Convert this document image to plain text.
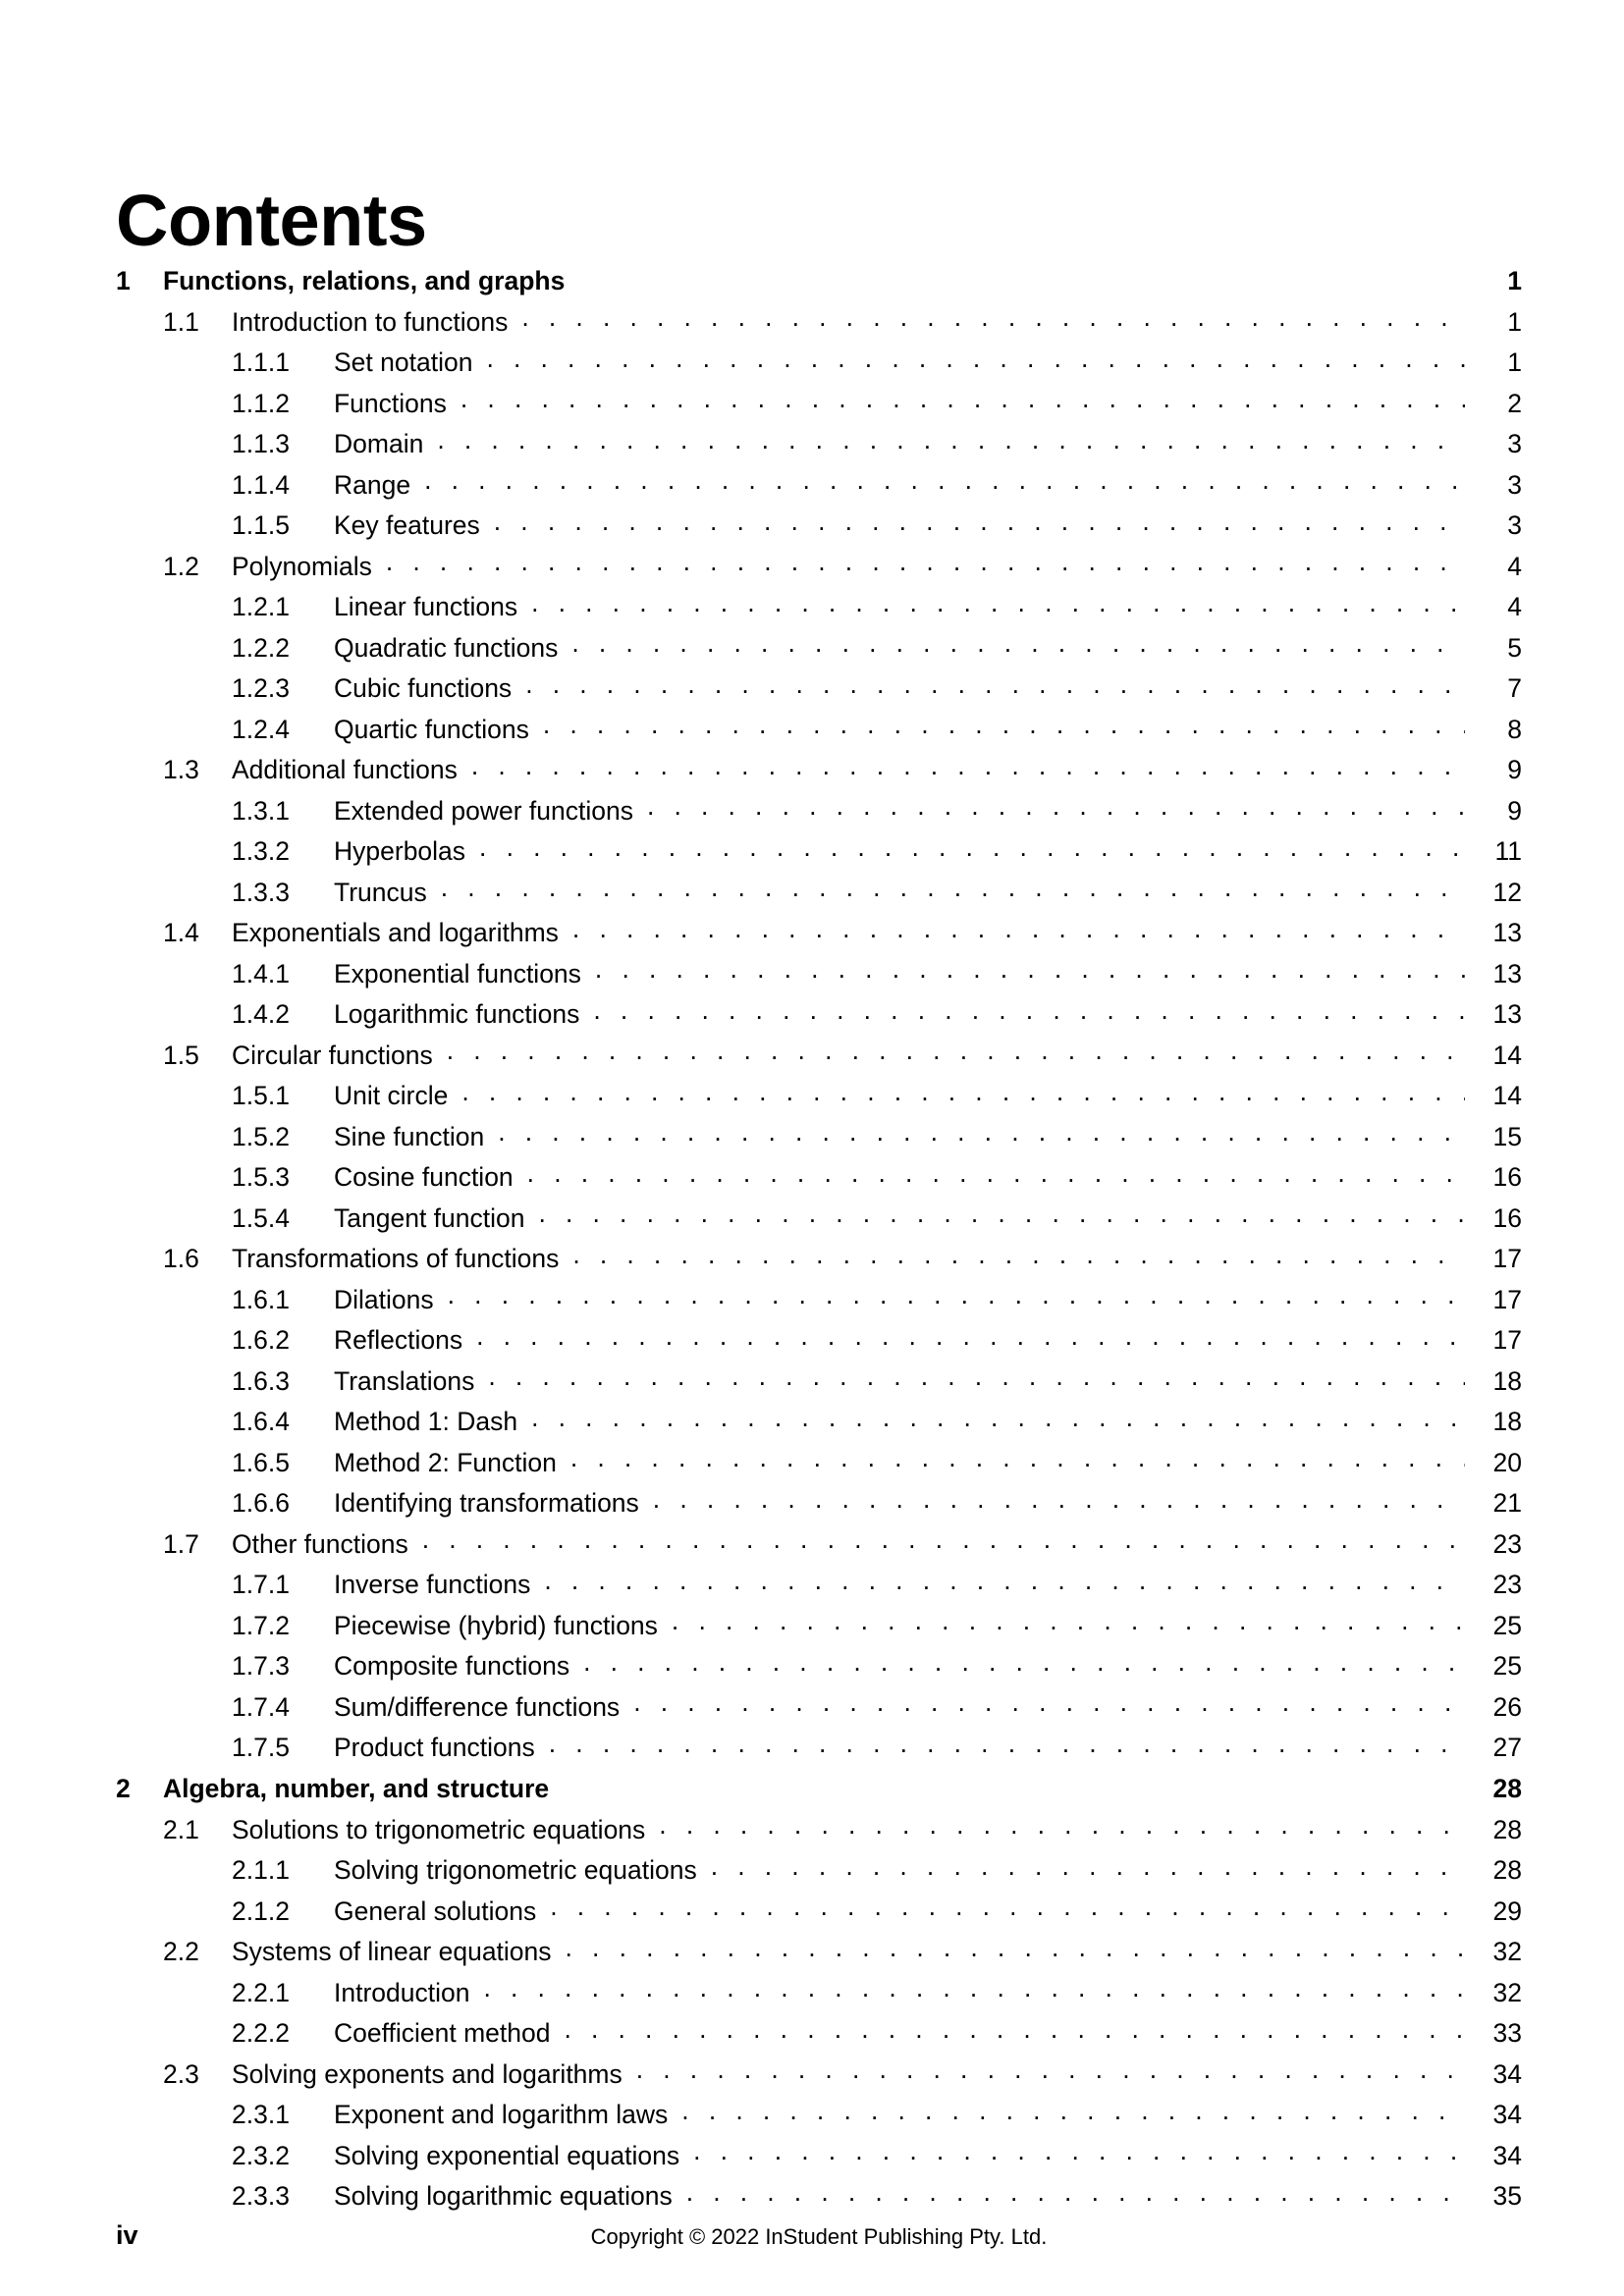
Contents
1	Functions, relations, and graphs	1
1.1	Introduction to functions . . .	1
1.1.1	Set notation . . .	1
1.1.2	Functions . . .	2
1.1.3	Domain . . .	3
1.1.4	Range . . .	3
1.1.5	Key features . . .	3
1.2	Polynomials . . .	4
1.2.1	Linear functions . . .	4
1.2.2	Quadratic functions . . .	5
1.2.3	Cubic functions . . .	7
1.2.4	Quartic functions . . .	8
1.3	Additional functions . . .	9
1.3.1	Extended power functions . . .	9
1.3.2	Hyperbolas . . .	11
1.3.3	Truncus . . .	12
1.4	Exponentials and logarithms . . .	13
1.4.1	Exponential functions . . .	13
1.4.2	Logarithmic functions . . .	13
1.5	Circular functions . . .	14
1.5.1	Unit circle . . .	14
1.5.2	Sine function . . .	15
1.5.3	Cosine function . . .	16
1.5.4	Tangent function . . .	16
1.6	Transformations of functions . . .	17
1.6.1	Dilations . . .	17
1.6.2	Reflections . . .	17
1.6.3	Translations . . .	18
1.6.4	Method 1: Dash . . .	18
1.6.5	Method 2: Function . . .	20
1.6.6	Identifying transformations . . .	21
1.7	Other functions . . .	23
1.7.1	Inverse functions . . .	23
1.7.2	Piecewise (hybrid) functions . . .	25
1.7.3	Composite functions . . .	25
1.7.4	Sum/difference functions . . .	26
1.7.5	Product functions . . .	27
2	Algebra, number, and structure	28
2.1	Solutions to trigonometric equations . . .	28
2.1.1	Solving trigonometric equations . . .	28
2.1.2	General solutions . . .	29
2.2	Systems of linear equations . . .	32
2.2.1	Introduction . . .	32
2.2.2	Coefficient method . . .	33
2.3	Solving exponents and logarithms . . .	34
2.3.1	Exponent and logarithm laws . . .	34
2.3.2	Solving exponential equations . . .	34
2.3.3	Solving logarithmic equations . . .	35
iv	Copyright © 2022 InStudent Publishing Pty. Ltd.
